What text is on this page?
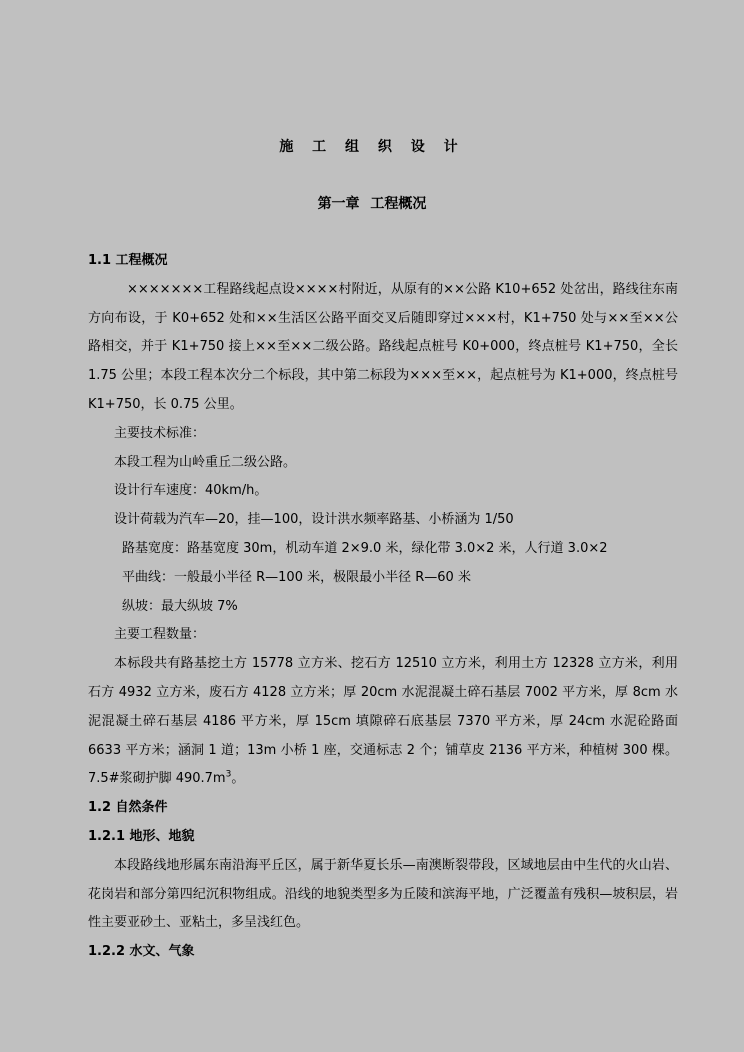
施 工 组 织 设 计
第一章 工程概况

1.1 工程概况

×××××××工程路线起点设××××村附近，从原有的××公路 K10+652 处岔出，路线往东南方向布设，于 K0+652 处和××生活区公路平面交叉后随即穿过×××村，K1+750 处与××至××公路相交，并于 K1+750 接上××至××二级公路。路线起点桩号 K0+000，终点桩号 K1+750，全长 1.75 公里；本段工程本次分二个标段，其中第二标段为×××至××，起点桩号为 K1+000，终点桩号 K1+750，长 0.75 公里。

主要技术标准：

本段工程为山岭重丘二级公路。

设计行车速度：40km/h。

设计荷载为汽车—20，挂—100，设计洪水频率路基、小桥涵为 1/50

路基宽度：路基宽度 30m，机动车道 2×9.0 米，绿化带 3.0×2 米，人行道 3.0×2

平曲线：一般最小半径 R—100 米，极限最小半径 R—60 米

纵坡：最大纵坡 7%

主要工程数量：

本标段共有路基挖土方 15778 立方米、挖石方 12510 立方米，利用土方 12328 立方米，利用石方 4932 立方米，废石方 4128 立方米；厚 20cm 水泥混凝土碎石基层 7002 平方米，厚 8cm 水泥混凝土碎石基层 4186 平方米，厚 15cm 填隙碎石底基层 7370 平方米，厚 24cm 水泥砼路面 6633 平方米；涵洞 1 道；13m 小桥 1 座，交通标志 2 个；铺草皮 2136 平方米，种植树 300 棵。7.5#浆砌护脚 $490.7m^3$。

1.2 自然条件

1.2.1 地形、地貌

本段路线地形属东南沿海平丘区，属于新华夏长乐—南澳断裂带段，区域地层由中生代的火山岩、花岗岩和部分第四纪沉积物组成。沿线的地貌类型多为丘陵和滨海平地，广泛覆盖有残积—坡积层，岩性主要亚砂土、亚粘土，多呈浅红色。

1.2.2 水文、气象
